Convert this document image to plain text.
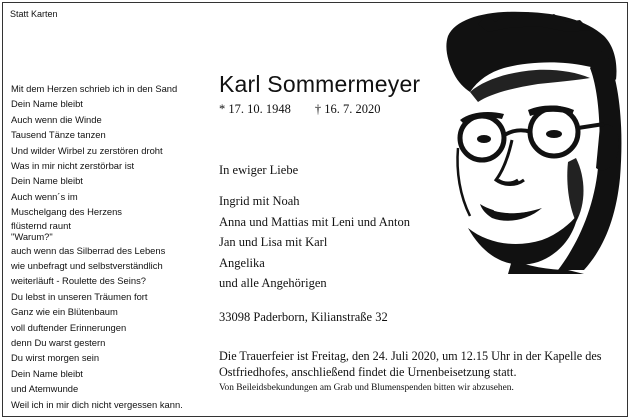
Statt Karten
Mit dem Herzen schrieb ich in den Sand
Dein Name bleibt
Auch wenn die Winde
Tausend Tänze tanzen
Und wilder Wirbel zu zerstören droht
Was in mir nicht zerstörbar ist
Dein Name bleibt
Auch wenn´s im
Muschelgang des Herzens
flüsternd raunt
"Warum?"
auch wenn das Silberrad des Lebens
wie unbefragt und selbstverständlich
weiterläuft - Roulette des Seins?
Du lebst in unseren Träumen fort
Ganz wie ein Blütenbaum
voll duftender Erinnerungen
denn Du warst gestern
Du wirst morgen sein
Dein Name bleibt
und Atemwunde
Weil ich in mir dich nicht vergessen kann.
Karl Sommermeyer
* 17. 10. 1948 † 16. 7. 2020
In ewiger Liebe
Ingrid mit Noah
Anna und Mattias mit Leni und Anton
Jan und Lisa mit Karl
Angelika
und alle Angehörigen
33098 Paderborn, Kilianstraße 32
Die Trauerfeier ist Freitag, den 24. Juli 2020, um 12.15 Uhr in der Kapelle des
Ostfriedhofes, anschließend findet die Urnenbeisetzung statt.
Von Beileidsbekundungen am Grab und Blumenspenden bitten wir abzusehen.
